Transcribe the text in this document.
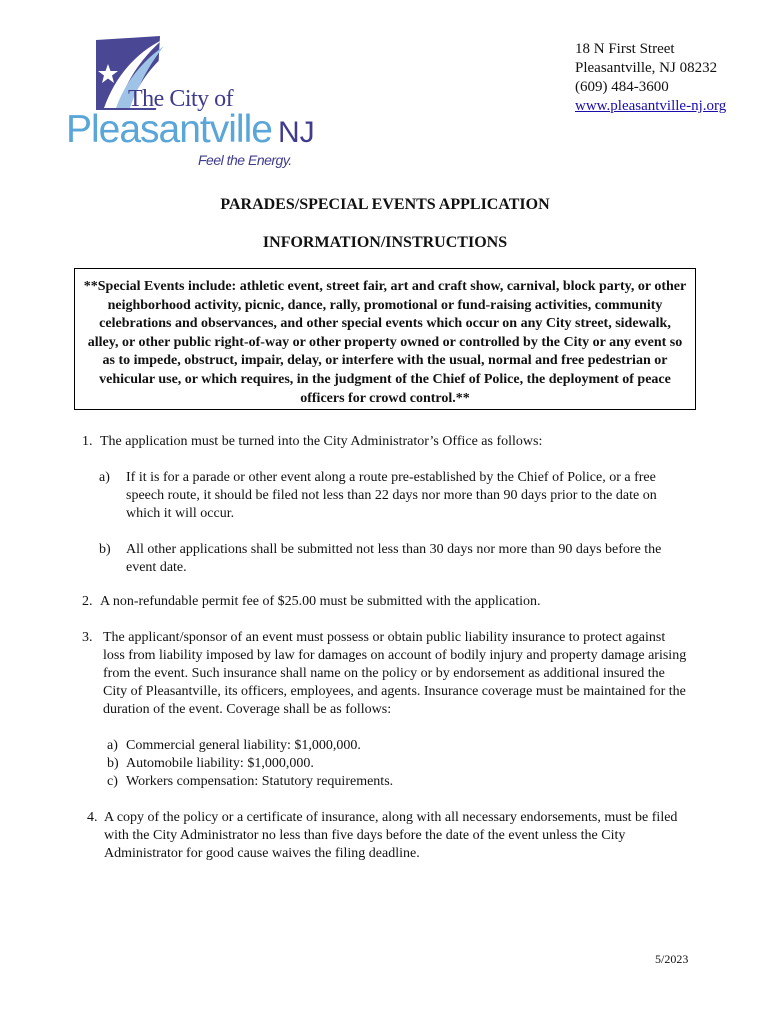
The City of
Pleasantville NJ
Feel the Energy.
18 N First Street
Pleasantville, NJ 08232
(609) 484-3600
www.pleasantville-nj.org
PARADES/SPECIAL EVENTS APPLICATION
INFORMATION/INSTRUCTIONS
**Special Events include: athletic event, street fair, art and craft show, carnival, block party, or other neighborhood activity, picnic, dance, rally, promotional or fund-raising activities, community celebrations and observances, and other special events which occur on any City street, sidewalk, alley, or other public right-of-way or other property owned or controlled by the City or any event so as to impede, obstruct, impair, delay, or interfere with the usual, normal and free pedestrian or vehicular use, or which requires, in the judgment of the Chief of Police, the deployment of peace officers for crowd control.**
1. The application must be turned into the City Administrator’s Office as follows:
a)	If it is for a parade or other event along a route pre-established by the Chief of Police, or a free speech route, it should be filed not less than 22 days nor more than 90 days prior to the date on which it will occur.
b)	All other applications shall be submitted not less than 30 days nor more than 90 days before the event date.
2. A non-refundable permit fee of $25.00 must be submitted with the application.
3. The applicant/sponsor of an event must possess or obtain public liability insurance to protect against loss from liability imposed by law for damages on account of bodily injury and property damage arising from the event. Such insurance shall name on the policy or by endorsement as additional insured the City of Pleasantville, its officers, employees, and agents. Insurance coverage must be maintained for the duration of the event. Coverage shall be as follows:
a) Commercial general liability: $1,000,000.
b) Automobile liability: $1,000,000.
c) Workers compensation: Statutory requirements.
4. A copy of the policy or a certificate of insurance, along with all necessary endorsements, must be filed with the City Administrator no less than five days before the date of the event unless the City Administrator for good cause waives the filing deadline.
5/2023
